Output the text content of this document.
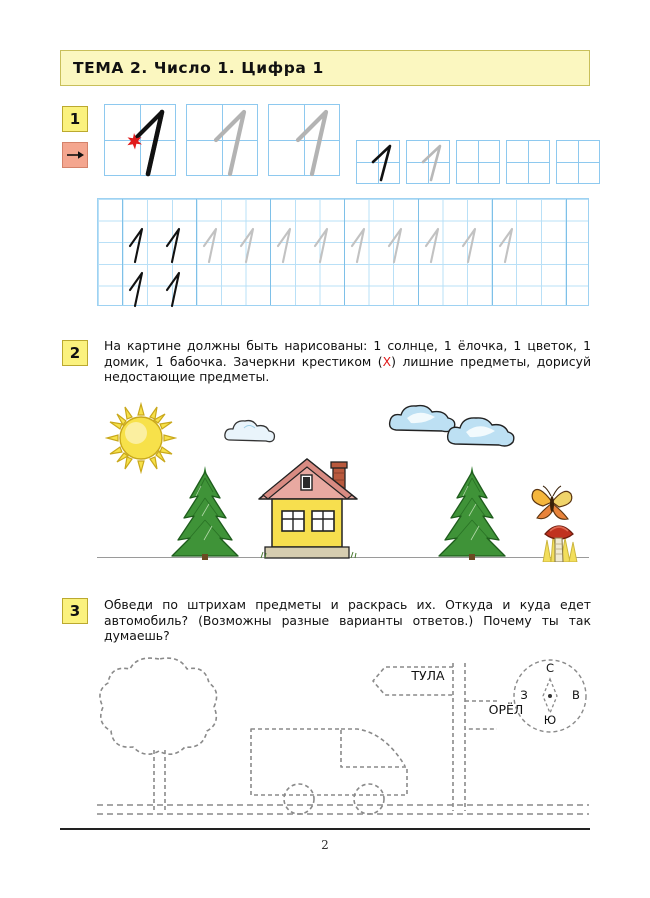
ТЕМА 2. Число 1. Цифра 1
1
2 На картине должны быть нарисованы: 1 солнце, 1 ёлочка, 1 цветок, 1 домик, 1 бабочка. Зачеркни крестиком (X) лишние предметы, дорисуй недостающие предметы.
3 Обведи по штрихам предметы и раскрась их. Откуда и куда едет автомобиль? (Возможны разные варианты ответов.) Почему ты так думаешь?
ТУЛА
ОРЁЛ
С
З	В
Ю
2
